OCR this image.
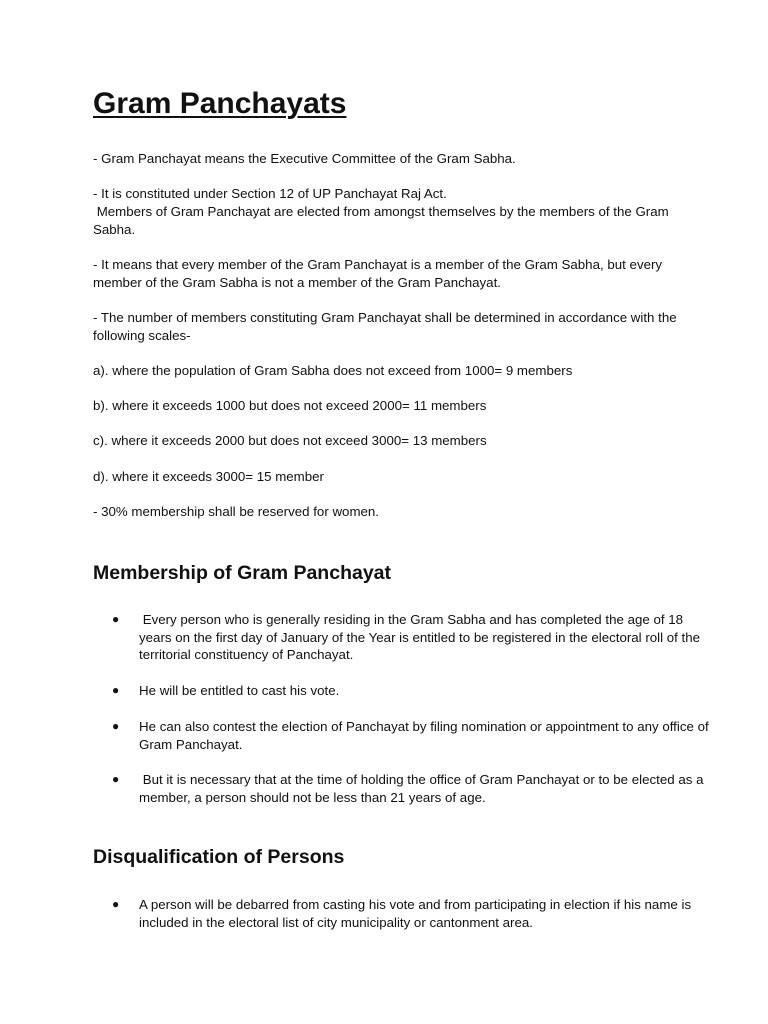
Gram Panchayats

- Gram Panchayat means the Executive Committee of the Gram Sabha.

- It is constituted under Section 12 of UP Panchayat Raj Act.

Members of Gram Panchayat are elected from amongst themselves by the members of the Gram Sabha.

- It means that every member of the Gram Panchayat is a member of the Gram Sabha, but every member of the Gram Sabha is not a member of the Gram Panchayat.

- The number of members constituting Gram Panchayat shall be determined in accordance with the following scales-

a). where the population of Gram Sabha does not exceed from 1000= 9 members

b). where it exceeds 1000 but does not exceed 2000= 11 members

c). where it exceeds 2000 but does not exceed 3000= 13 members

d). where it exceeds 3000= 15 member

- 30% membership shall be reserved for women.

Membership of Gram Panchayat
● Every person who is generally residing in the Gram Sabha and has completed the age of 18 years on the first day of January of the Year is entitled to be registered in the electoral roll of the territorial constituency of Panchayat.
● He will be entitled to cast his vote.
● He can also contest the election of Panchayat by filing nomination or appointment to any office of Gram Panchayat.
● But it is necessary that at the time of holding the office of Gram Panchayat or to be elected as a member, a person should not be less than 21 years of age.
Disqualification of Persons
● A person will be debarred from casting his vote and from participating in election if his name is included in the electoral list of city municipality or cantonment area.
